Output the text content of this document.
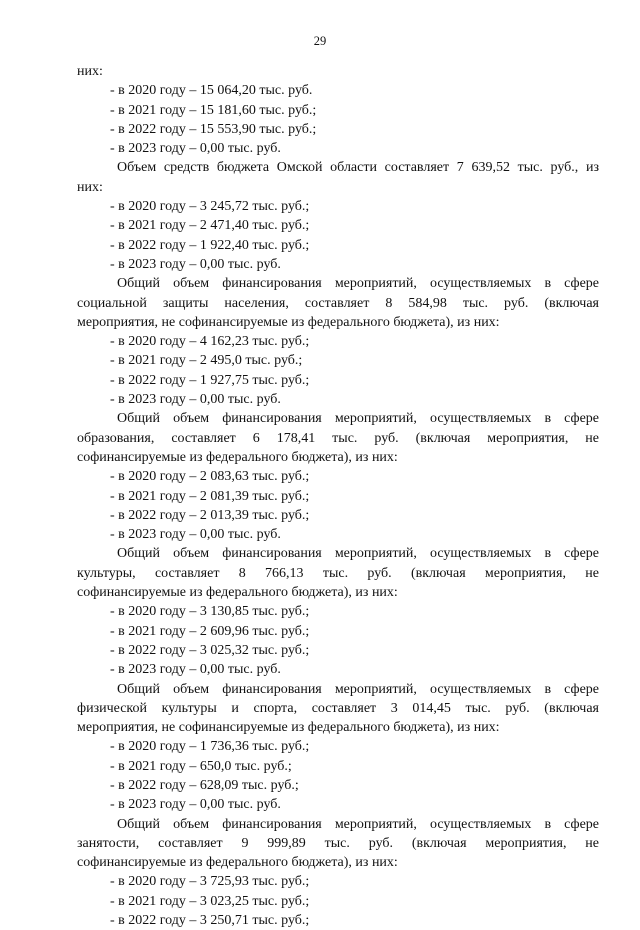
29
них:
- в 2020 году – 15 064,20 тыс. руб.
- в 2021 году – 15 181,60 тыс. руб.;
- в 2022 году – 15 553,90 тыс. руб.;
- в 2023 году – 0,00 тыс. руб.
Объем средств бюджета Омской области составляет 7 639,52 тыс. руб., из
них:
- в 2020 году – 3 245,72 тыс. руб.;
- в 2021 году – 2 471,40 тыс. руб.;
- в 2022 году – 1 922,40 тыс. руб.;
- в 2023 году – 0,00 тыс. руб.
Общий объем финансирования мероприятий, осуществляемых в сфере
социальной защиты населения, составляет 8 584,98 тыс. руб. (включая
мероприятия, не софинансируемые из федерального бюджета), из них:
- в 2020 году – 4 162,23 тыс. руб.;
- в 2021 году – 2 495,0 тыс. руб.;
- в 2022 году – 1 927,75 тыс. руб.;
- в 2023 году – 0,00 тыс. руб.
Общий объем финансирования мероприятий, осуществляемых в сфере
образования, составляет 6 178,41 тыс. руб. (включая мероприятия, не
софинансируемые из федерального бюджета), из них:
- в 2020 году – 2 083,63 тыс. руб.;
- в 2021 году – 2 081,39 тыс. руб.;
- в 2022 году – 2 013,39 тыс. руб.;
- в 2023 году – 0,00 тыс. руб.
Общий объем финансирования мероприятий, осуществляемых в сфере
культуры, составляет 8 766,13 тыс. руб. (включая мероприятия, не
софинансируемые из федерального бюджета), из них:
- в 2020 году – 3 130,85 тыс. руб.;
- в 2021 году – 2 609,96 тыс. руб.;
- в 2022 году – 3 025,32 тыс. руб.;
- в 2023 году – 0,00 тыс. руб.
Общий объем финансирования мероприятий, осуществляемых в сфере
физической культуры и спорта, составляет 3 014,45 тыс. руб. (включая
мероприятия, не софинансируемые из федерального бюджета), из них:
- в 2020 году – 1 736,36 тыс. руб.;
- в 2021 году – 650,0 тыс. руб.;
- в 2022 году – 628,09 тыс. руб.;
- в 2023 году – 0,00 тыс. руб.
Общий объем финансирования мероприятий, осуществляемых в сфере
занятости, составляет 9 999,89 тыс. руб. (включая мероприятия, не
софинансируемые из федерального бюджета), из них:
- в 2020 году – 3 725,93 тыс. руб.;
- в 2021 году – 3 023,25 тыс. руб.;
- в 2022 году – 3 250,71 тыс. руб.;
